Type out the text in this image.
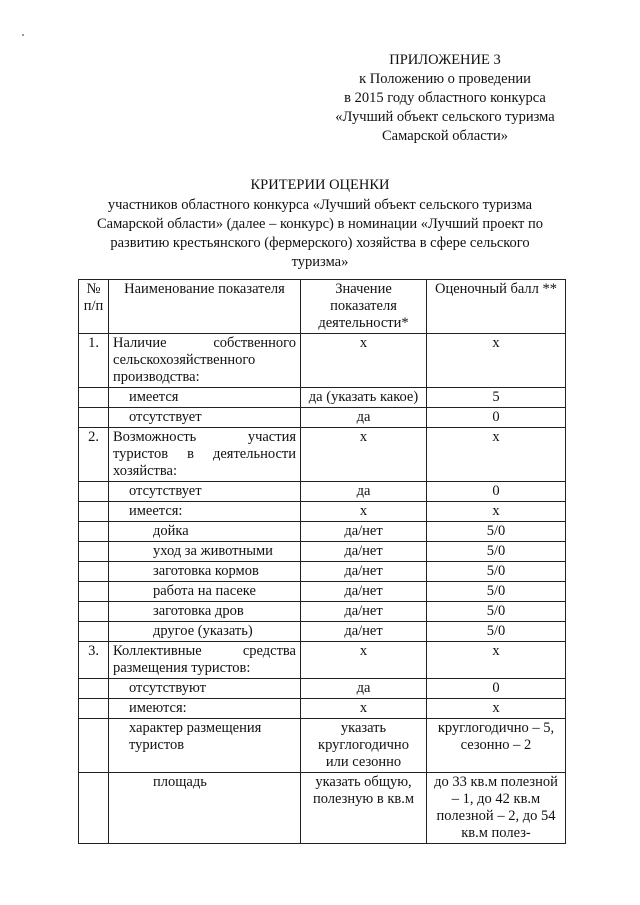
ПРИЛОЖЕНИЕ 3
к Положению о проведении
в 2015 году областного конкурса
«Лучший объект сельского туризма
Самарской области»
КРИТЕРИИ ОЦЕНКИ
участников областного конкурса «Лучший объект сельского туризма
Самарской области» (далее – конкурс) в номинации «Лучший проект по
развитию крестьянского (фермерского) хозяйства в сфере сельского
туризма»
№ п/п	Наименование показателя	Значение показателя деятельности*	Оценочный балл **
1.	Наличие собственного сельскохозяйственного производства:	х	х
	имеется	да (указать какое)	5
	отсутствует	да	0
2.	Возможность участия туристов в деятельности хозяйства:	х	х
	отсутствует	да	0
	имеется:	х	х
	дойка	да/нет	5/0
	уход за животными	да/нет	5/0
	заготовка кормов	да/нет	5/0
	работа на пасеке	да/нет	5/0
	заготовка дров	да/нет	5/0
	другое (указать)	да/нет	5/0
3.	Коллективные средства размещения туристов:	х	х
	отсутствуют	да	0
	имеются:	х	х
	характер размещения туристов	указать круглогодично или сезонно	круглогодично – 5, сезонно – 2
	площадь	указать общую, полезную в кв.м	до 33 кв.м полезной – 1, до 42 кв.м полезной – 2, до 54 кв.м полез-
